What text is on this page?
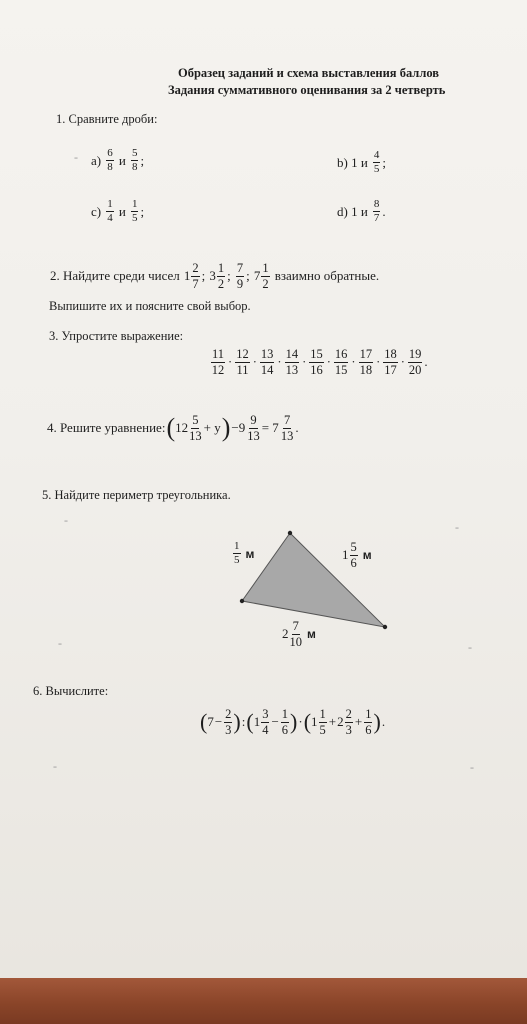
Образец заданий и схема выставления баллов
Задания суммативного оценивания за 2 четверть
1. Сравните дроби:
$а) \frac{6}{8}$ и $\frac{5}{8}$ ;	b) 1 и $\frac{4}{5}$ ;
$с) \frac{1}{4}$ и $\frac{1}{5}$ ;	d) 1 и $\frac{8}{7}$ .
2. Найдите среди чисел $1 \frac{2}{7}$ ; $3 \frac{1}{2}$ ; $\frac{7}{9}$ ; $7 \frac{1}{2}$ взаимно обратные.
Выпишите их и поясните свой выбор.
3. Упростите выражение:
$\frac{11}{12} \cdot \frac{12}{11} \cdot \frac{13}{14} \cdot \frac{14}{13} \cdot \frac{15}{16} \cdot \frac{16}{15} \cdot \frac{17}{18} \cdot \frac{18}{17} \cdot \frac{19}{20}$ .
4. Решите уравнение:(12 $\frac{5}{13} + у)-9 \frac{9}{13} = 7 \frac{7}{13}$ .
5. Найдите периметр треугольника.
$\frac{1}{5}$ м	$1 \frac{5}{6}$ м
$2 \frac{7}{10}$ м
6. Вычислите:
($7- \frac{2}{3}$ ):(1 $\frac{3}{4} - \frac{1}{6} )\cdot(1 \frac{1}{5} +2 \frac{2}{3} + \frac{1}{6}$ ).
-
-
-
-
-
-
-
